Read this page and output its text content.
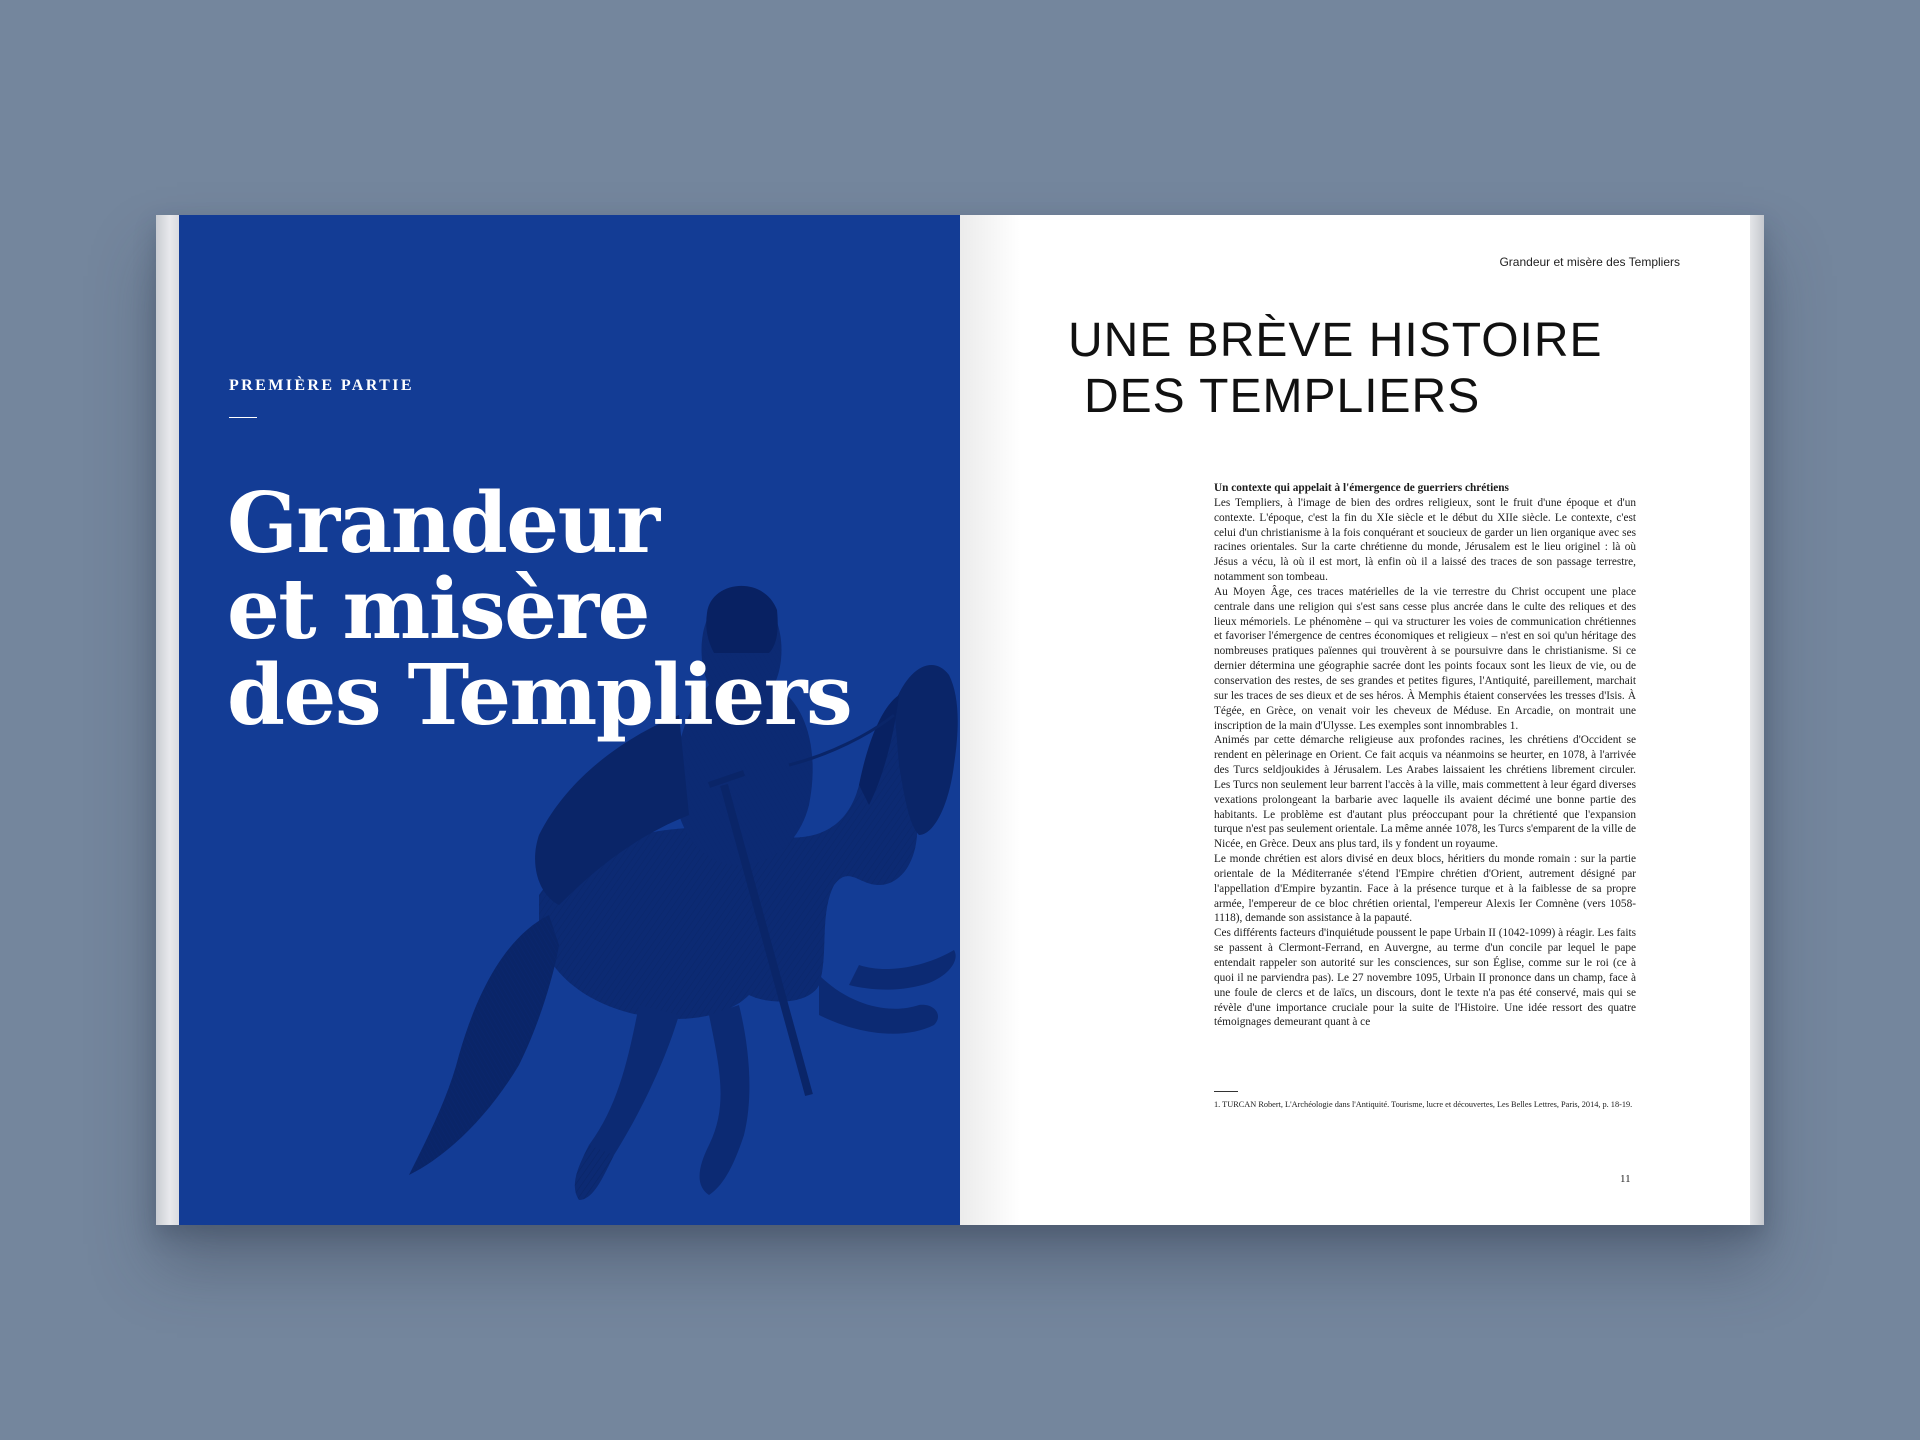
PREMIÈRE PARTIE
Grandeur
et misère
des Templiers
Grandeur et misère des Templiers
UNE BRÈVE HISTOIRE
DES TEMPLIERS

Un contexte qui appelait à l'émergence de guerriers chrétiens

Les Templiers, à l'image de bien des ordres religieux, sont le fruit d'une époque et d'un contexte. L'époque, c'est la fin du XIe siècle et le début du XIIe siècle. Le contexte, c'est celui d'un christianisme à la fois conquérant et soucieux de garder un lien organique avec ses racines orientales. Sur la carte chrétienne du monde, Jérusalem est le lieu originel : là où Jésus a vécu, là où il est mort, là enfin où il a laissé des traces de son passage terrestre, notamment son tombeau.

Au Moyen Âge, ces traces matérielles de la vie terrestre du Christ occupent une place centrale dans une religion qui s'est sans cesse plus ancrée dans le culte des reliques et des lieux mémoriels. Le phénomène – qui va structurer les voies de communication chrétiennes et favoriser l'émergence de centres économiques et religieux – n'est en soi qu'un héritage des nombreuses pratiques païennes qui trouvèrent à se poursuivre dans le christianisme. Si ce dernier détermina une géographie sacrée dont les points focaux sont les lieux de vie, ou de conservation des restes, de ses grandes et petites figures, l'Antiquité, pareillement, marchait sur les traces de ses dieux et de ses héros. À Memphis étaient conservées les tresses d'Isis. À Tégée, en Grèce, on venait voir les cheveux de Méduse. En Arcadie, on montrait une inscription de la main d'Ulysse. Les exemples sont innombrables 1.

Animés par cette démarche religieuse aux profondes racines, les chrétiens d'Occident se rendent en pèlerinage en Orient. Ce fait acquis va néanmoins se heurter, en 1078, à l'arrivée des Turcs seldjoukides à Jérusalem. Les Arabes laissaient les chrétiens librement circuler. Les Turcs non seulement leur barrent l'accès à la ville, mais commettent à leur égard diverses vexations prolongeant la barbarie avec laquelle ils avaient décimé une bonne partie des habitants. Le problème est d'autant plus préoccupant pour la chrétienté que l'expansion turque n'est pas seulement orientale. La même année 1078, les Turcs s'emparent de la ville de Nicée, en Grèce. Deux ans plus tard, ils y fondent un royaume.

Le monde chrétien est alors divisé en deux blocs, héritiers du monde romain : sur la partie orientale de la Méditerranée s'étend l'Empire chrétien d'Orient, autrement désigné par l'appellation d'Empire byzantin. Face à la présence turque et à la faiblesse de sa propre armée, l'empereur de ce bloc chrétien oriental, l'empereur Alexis Ier Comnène (vers 1058-1118), demande son assistance à la papauté.

Ces différents facteurs d'inquiétude poussent le pape Urbain II (1042-1099) à réagir. Les faits se passent à Clermont-Ferrand, en Auvergne, au terme d'un concile par lequel le pape entendait rappeler son autorité sur les consciences, sur son Église, comme sur le roi (ce à quoi il ne parviendra pas). Le 27 novembre 1095, Urbain II prononce dans un champ, face à une foule de clercs et de laïcs, un discours, dont le texte n'a pas été conservé, mais qui se révèle d'une importance cruciale pour la suite de l'Histoire. Une idée ressort des quatre témoignages demeurant quant à ce

1. TURCAN Robert, L'Archéologie dans l'Antiquité. Tourisme, lucre et découvertes, Les Belles Lettres, Paris, 2014, p. 18-19.
11
